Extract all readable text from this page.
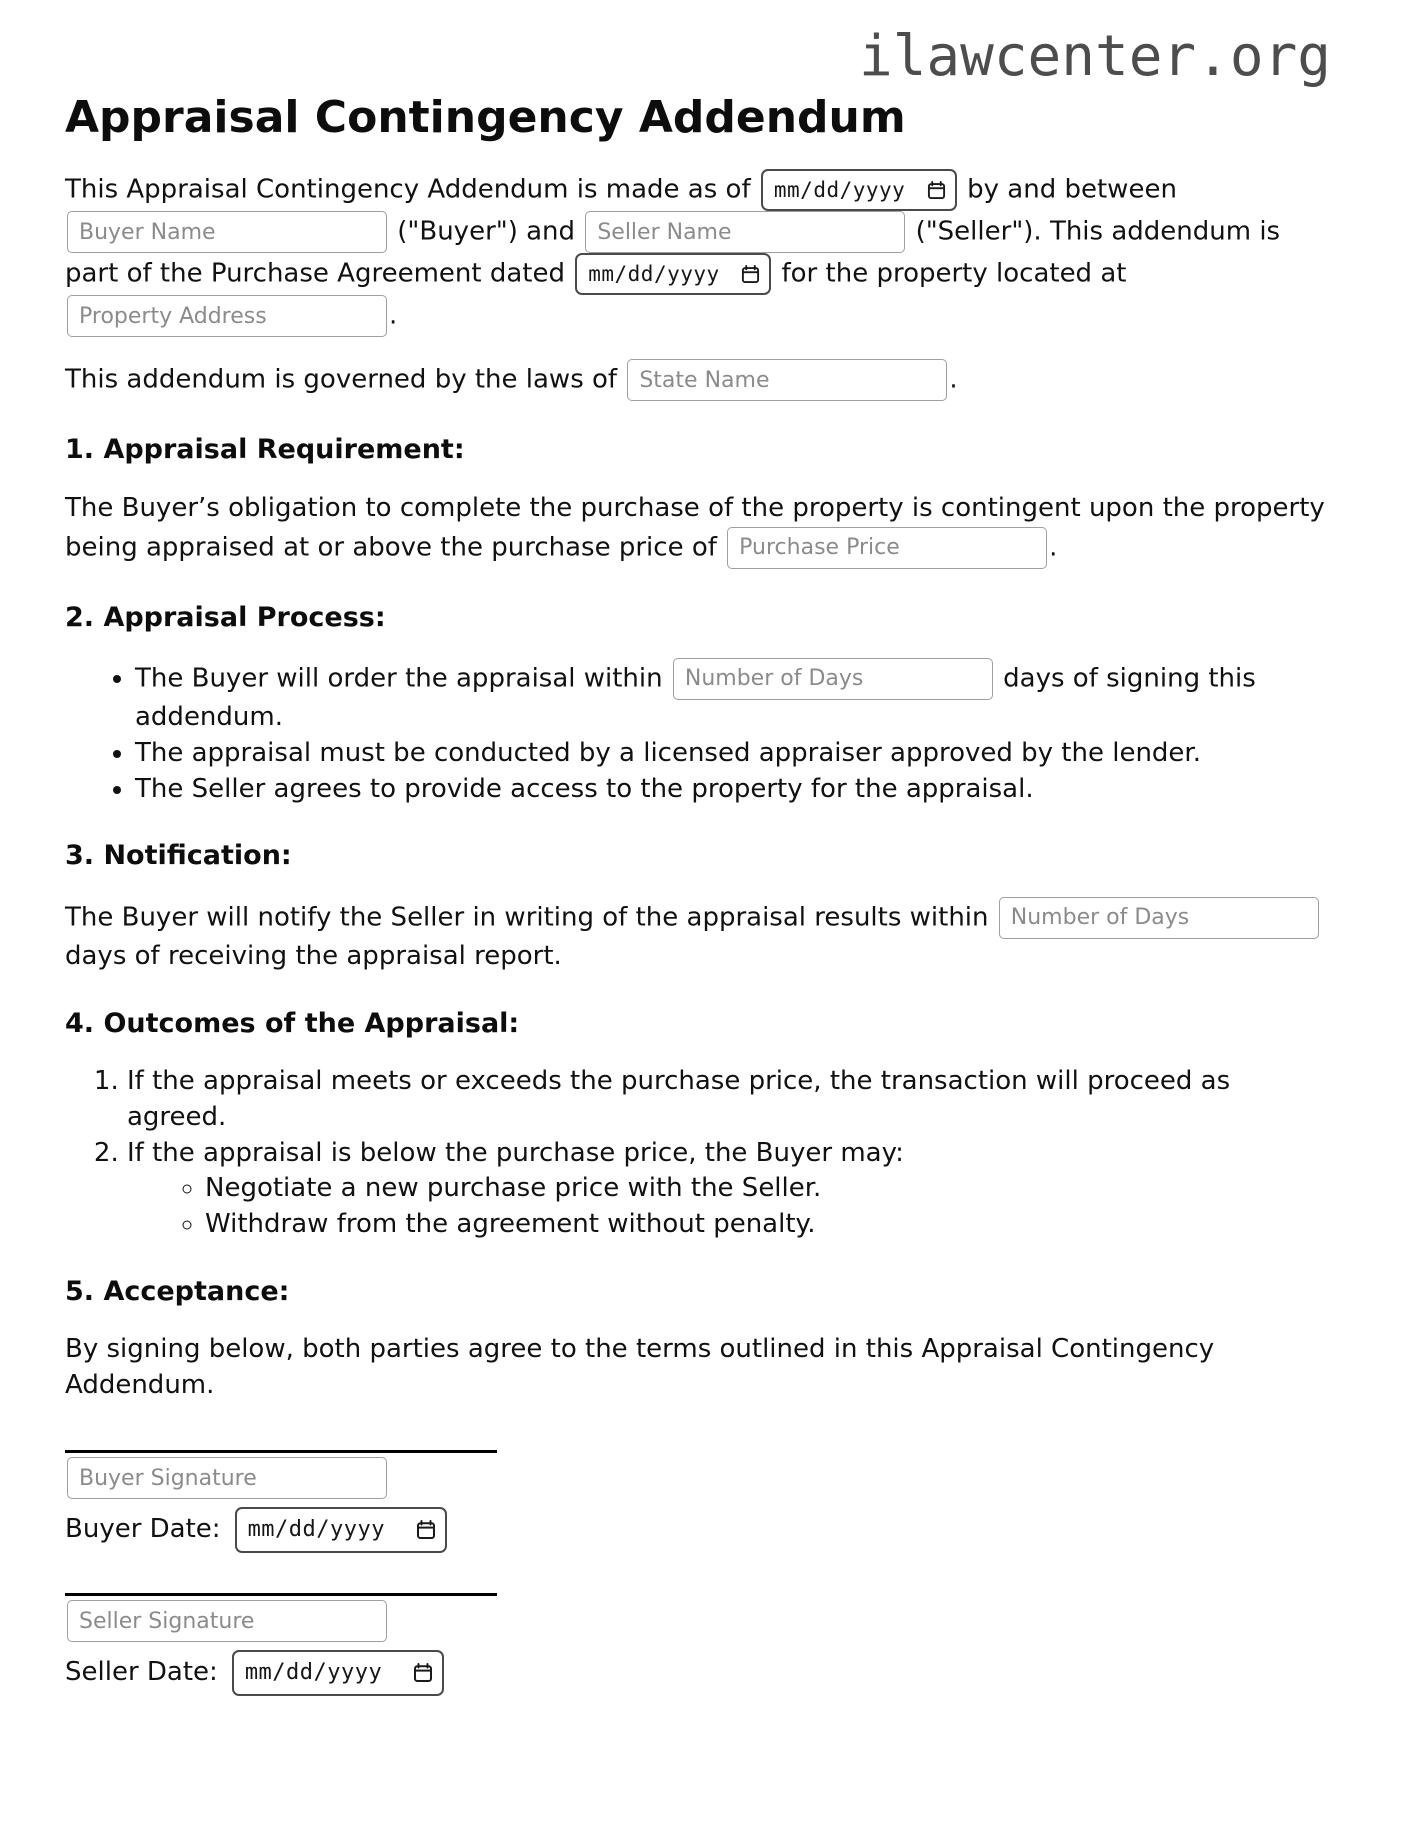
ilawcenter.org
Appraisal Contingency Addendum

This Appraisal Contingency Addendum is made as of mm/dd/yyyy by and between Buyer Name ("Buyer") and Seller Name	("Seller"). This addendum is part of the Purchase Agreement dated mm/dd/yyyy for the property located at Property Address.

This addendum is governed by the laws of State Name	.

1. Appraisal Requirement:

The Buyer’s obligation to complete the purchase of the property is contingent upon the property being appraised at or above the purchase price of Purchase Price	.

2. Appraisal Process:
• The Buyer will order the appraisal within Number of Days	days of signing this addendum.
• The appraisal must be conducted by a licensed appraiser approved by the lender.
• The Seller agrees to provide access to the property for the appraisal.
3. Notification:

The Buyer will notify the Seller in writing of the appraisal results within Number of Days days of receiving the appraisal report.

4. Outcomes of the Appraisal:
1. If the appraisal meets or exceeds the purchase price, the transaction will proceed as agreed.
2. If the appraisal is below the purchase price, the Buyer may:
◦ Negotiate a new purchase price with the Seller.
◦ Withdraw from the agreement without penalty.
5. Acceptance:

By signing below, both parties agree to the terms outlined in this Appraisal Contingency Addendum.

Buyer Signature
Buyer Date: mm/dd/yyyy
Seller Signature
Seller Date: mm/dd/yyyy
